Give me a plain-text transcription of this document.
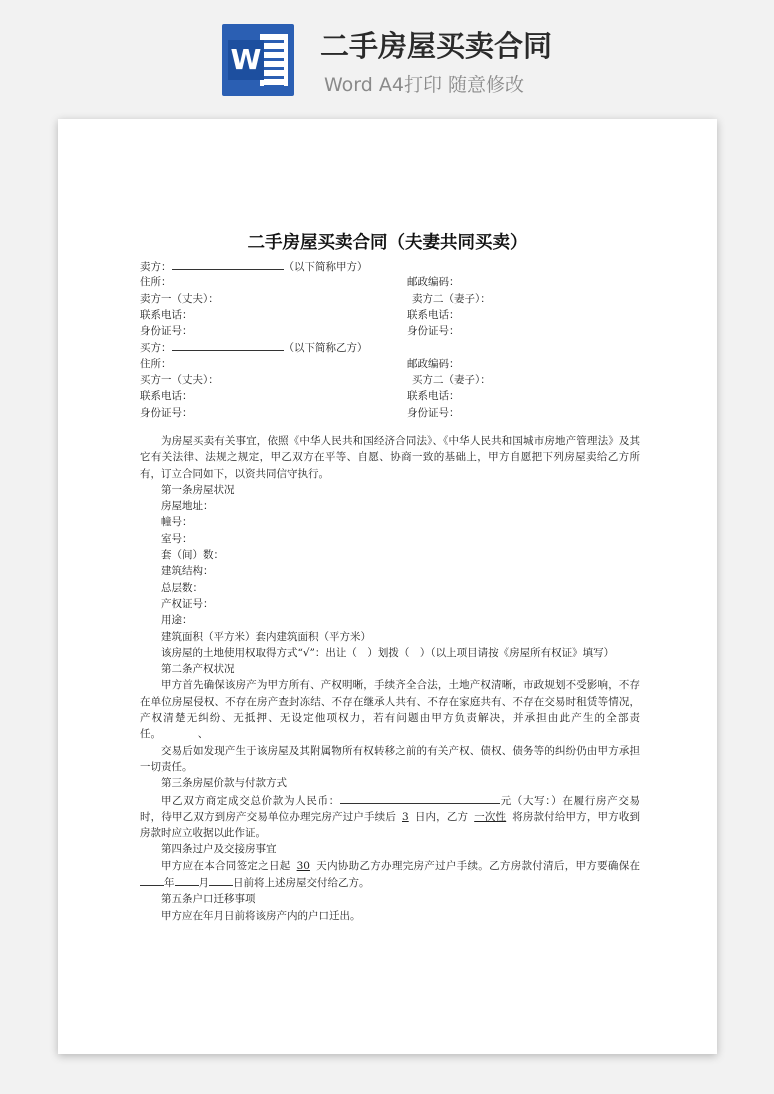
W 二手房屋买卖合同
Word A4打印 随意修改
二手房屋买卖合同（夫妻共同买卖）
卖方：	（以下简称甲方）
住所：	邮政编码：
卖方一（丈夫）：	卖方二（妻子）：
联系电话：	联系电话：
身份证号：	身份证号：
买方：	（以下简称乙方）
住所：	邮政编码：
买方一（丈夫）：	买方二（妻子）：
联系电话：	联系电话：
身份证号：	身份证号：
为房屋买卖有关事宜，依照《中华人民共和国经济合同法》、《中华人民共和国城市房地产管理法》及其它有关法律、法规之规定，甲乙双方在平等、自愿、协商一致的基础上，甲方自愿把下列房屋卖给乙方所有，订立合同如下，以资共同信守执行。
第一条房屋状况
房屋地址：
幢号：
室号：
套（间）数：
建筑结构：
总层数：
产权证号：
用途：
建筑面积（平方米）套内建筑面积（平方米）
该房屋的土地使用权取得方式“√”：出让（　）划拨（　）（以上项目请按《房屋所有权证》填写）
第二条产权状况
甲方首先确保该房产为甲方所有、产权明晰，手续齐全合法，土地产权清晰，市政规划不受影响，不存在单位房屋侵权、不存在房产查封冻结、不存在继承人共有、不存在家庭共有、不存在交易时租赁等情况，产权清楚无纠纷、无抵押、无设定他项权力，若有问题由甲方负责解决，并承担由此产生的全部责任。　　　　、
交易后如发现产生于该房屋及其附属物所有权转移之前的有关产权、债权、债务等的纠纷仍由甲方承担一切责任。
第三条房屋价款与付款方式
甲乙双方商定成交总价款为人民币：	元（大写：）在履行房产交易时，待甲乙双方到房产交易单位办理完房产过户手续后 3 日内，乙方 一次性 将房款付给甲方，甲方收到房款时应立收据以此作证。
第四条过户及交接房事宜
甲方应在本合同签定之日起 30 天内协助乙方办理完房产过户手续。乙方房款付清后，甲方要确保在年 月 日前将上述房屋交付给乙方。
第五条户口迁移事项
甲方应在年月日前将该房产内的户口迁出。
